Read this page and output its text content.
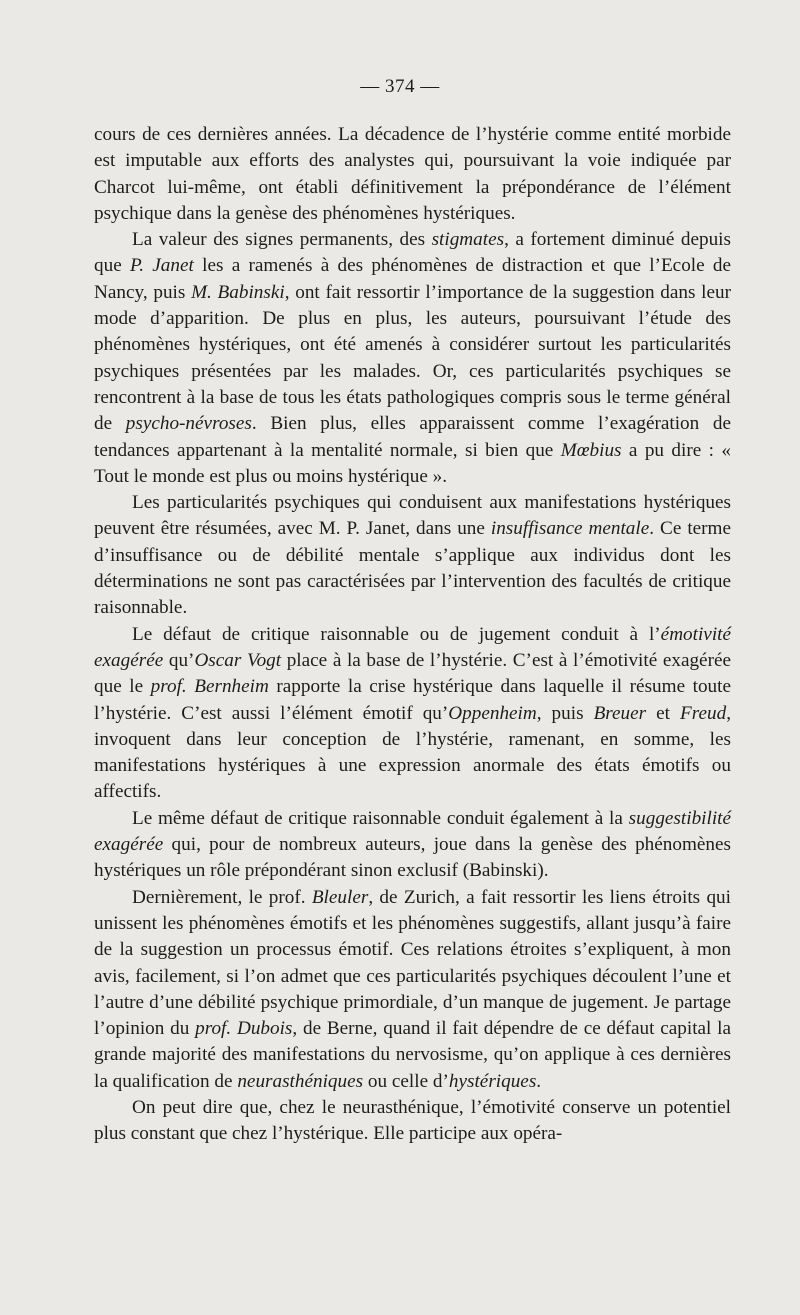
— 374 —

cours de ces dernières années. La décadence de l’hystérie comme entité morbide est imputable aux efforts des analystes qui, poursuivant la voie indiquée par Charcot lui-même, ont établi définitivement la prépondérance de l’élément psychique dans la genèse des phénomènes hystériques.

La valeur des signes permanents, des stigmates, a fortement diminué depuis que P. Janet les a ramenés à des phénomènes de distraction et que l’Ecole de Nancy, puis M. Babinski, ont fait ressortir l’importance de la suggestion dans leur mode d’apparition. De plus en plus, les auteurs, poursuivant l’étude des phénomènes hystériques, ont été amenés à considérer surtout les particularités psychiques présentées par les malades. Or, ces particularités psychiques se rencontrent à la base de tous les états pathologiques compris sous le terme général de psycho-névroses. Bien plus, elles apparaissent comme l’exagération de tendances appartenant à la mentalité normale, si bien que Mœbius a pu dire : « Tout le monde est plus ou moins hystérique ».

Les particularités psychiques qui conduisent aux manifestations hystériques peuvent être résumées, avec M. P. Janet, dans une insuffisance mentale. Ce terme d’insuffisance ou de débilité mentale s’applique aux individus dont les déterminations ne sont pas caractérisées par l’intervention des facultés de critique raisonnable.

Le défaut de critique raisonnable ou de jugement conduit à l’émotivité exagérée qu’Oscar Vogt place à la base de l’hystérie. C’est à l’émotivité exagérée que le prof. Bernheim rapporte la crise hystérique dans laquelle il résume toute l’hystérie. C’est aussi l’élément émotif qu’Oppenheim, puis Breuer et Freud, invoquent dans leur conception de l’hystérie, ramenant, en somme, les manifestations hystériques à une expression anormale des états émotifs ou affectifs.

Le même défaut de critique raisonnable conduit également à la suggestibilité exagérée qui, pour de nombreux auteurs, joue dans la genèse des phénomènes hystériques un rôle prépondérant sinon exclusif (Babinski).

Dernièrement, le prof. Bleuler, de Zurich, a fait ressortir les liens étroits qui unissent les phénomènes émotifs et les phénomènes suggestifs, allant jusqu’à faire de la suggestion un processus émotif. Ces relations étroites s’expliquent, à mon avis, facilement, si l’on admet que ces particularités psychiques découlent l’une et l’autre d’une débilité psychique primordiale, d’un manque de jugement. Je partage l’opinion du prof. Dubois, de Berne, quand il fait dépendre de ce défaut capital la grande majorité des manifestations du nervosisme, qu’on applique à ces dernières la qualification de neurasthéniques ou celle d’hystériques.

On peut dire que, chez le neurasthénique, l’émotivité conserve un potentiel plus constant que chez l’hystérique. Elle participe aux opéra-
